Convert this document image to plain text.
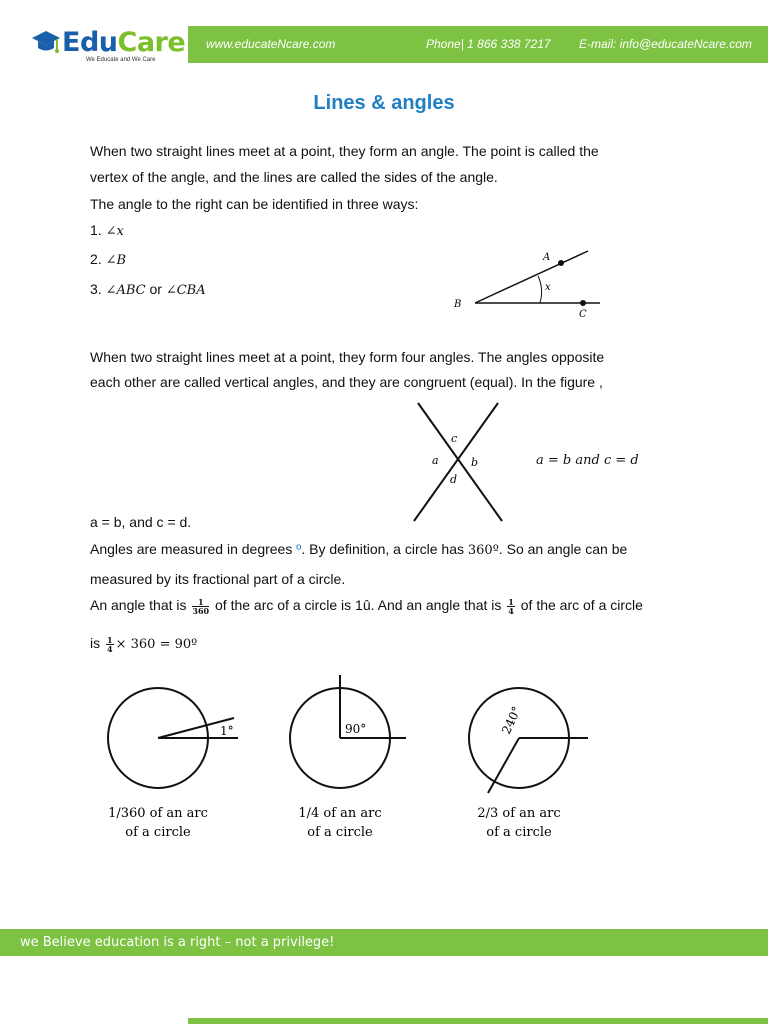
EduCare
We Educate and We Care
www.educateNcare.com	Phone| 1 866 338 7217 E-mail: info@educateNcare.com
Lines & angles
When two straight lines meet at a point, they form an angle. The point is called the
vertex of the angle, and the lines are called the sides of the angle.
The angle to the right can be identified in three ways:
1. ∠x
2. ∠B
3. ∠ABC or ∠CBA
A
B
C
x
When two straight lines meet at a point, they form four angles. The angles opposite
each other are called vertical angles, and they are congruent (equal). In the figure ,
c
a	b
d
a = b and c = d
a = b, and c = d.
Angles are measured in degrees º. By definition, a circle has 360º. So an angle can be
measured by its fractional part of a circle.
An angle that is $\frac{1}{360}$ of the arc of a circle is 1û. And an angle that is $\frac{1}{4}$ of the arc of a circle
is $\frac{1}{4} \times 360$ = 90º
1°
1/360 of an arc
of a circle
90°
1/4 of an arc
of a circle
240°
2/3 of an arc
of a circle
we Believe education is a right – not a privilege!
